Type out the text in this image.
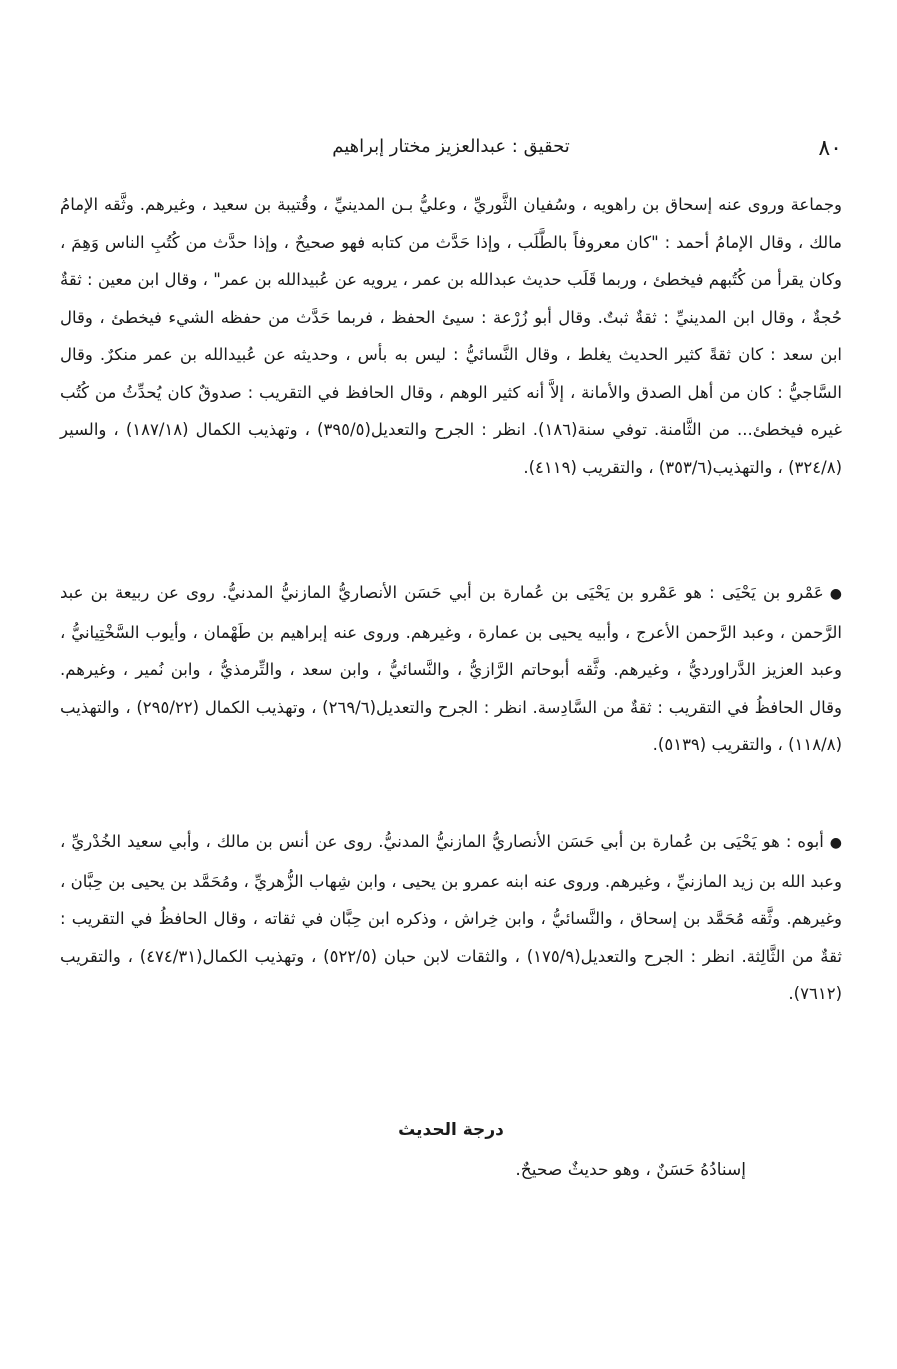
٨٠
تحقيق : عبدالعزيز مختار إبراهيم
وجماعة وروى عنه إسحاق بن راهويه ، وسُفيان الثَّوريِّ ، وعليُّ بـن المدينيِّ ، وقُتيبة بن سعيد ، وغيرهم. وثَّقه الإمامُ مالك ، وقال الإمامُ أحمد : "كان معروفاً بالطَّلَب ، وإذا حَدَّث من كتابه فهو صحيحٌ ، وإذا حدَّث من كُتُبِ الناس وَهِمَ ، وكان يقرأ من كُتُبهم فيخطئ ، وربما قَلَب حديث عبدالله بن عمر ، يرويه عن عُبيدالله بن عمر" ، وقال ابن معين : ثقةٌ حُجةٌ ، وقال ابن المدينيِّ : ثقةٌ ثبتٌ. وقال أبو زُرْعة : سيئ الحفظ ، فربما حَدَّث من حفظه الشيء فيخطئ ، وقال ابن سعد : كان ثقةً كثير الحديث يغلط ، وقال النَّسائيُّ : ليس به بأس ، وحديثه عن عُبيدالله بن عمر منكرٌ. وقال السَّاجيُّ : كان من أهل الصدق والأمانة ، إلاَّ أنه كثير الوهم ، وقال الحافظ في التقريب : صدوقٌ كان يُحدِّثُ من كُتُب غيره فيخطئ... من الثَّامنة. توفي سنة(١٨٦). انظر : الجرح والتعديل(٣٩٥/٥) ، وتهذيب الكمال (١٨٧/١٨) ، والسير (٣٢٤/٨) ، والتهذيب(٣٥٣/٦) ، والتقريب (٤١١٩).
●عَمْرو بن يَحْيَى : هو عَمْرو بن يَحْيَى بن عُمارة بن أبي حَسَن الأنصاريُّ المازنيُّ المدنيُّ. روى عن ربيعة بن عبد الرَّحمن ، وعبد الرَّحمن الأعرج ، وأبيه يحيى بن عمارة ، وغيرهم. وروى عنه إبراهيم بن طَهْمان ، وأيوب السَّخْتِيانيُّ ، وعبد العزيز الدَّراورديُّ ، وغيرهم. وثَّقه أبوحاتم الرَّازيُّ ، والنَّسائيُّ ، وابن سعد ، والتِّرمذيُّ ، وابن نُمير ، وغيرهم. وقال الحافظُ في التقريب : ثقةٌ من السَّادِسة. انظر : الجرح والتعديل(٢٦٩/٦) ، وتهذيب الكمال (٢٩٥/٢٢) ، والتهذيب (١١٨/٨) ، والتقريب (٥١٣٩).
●أبوه : هو يَحْيَى بن عُمارة بن أبي حَسَن الأنصاريُّ المازنيُّ المدنيُّ. روى عن أنس بن مالك ، وأبي سعيد الخُدْريِّ ، وعبد الله بن زيد المازنيِّ ، وغيرهم. وروى عنه ابنه عمرو بن يحيى ، وابن شِهاب الزُّهريِّ ، ومُحَمَّد بن يحيى بن حِبَّان ، وغيرهم. وثَّقه مُحَمَّد بن إسحاق ، والنَّسائيُّ ، وابن خِراش ، وذكره ابن حِبَّان في ثقاته ، وقال الحافظُ في التقريب : ثقةٌ من الثَّالِثة. انظر : الجرح والتعديل(١٧٥/٩) ، والثقات لابن حبان (٥٢٢/٥) ، وتهذيب الكمال(٤٧٤/٣١) ، والتقريب (٧٦١٢).
درجة الحديث
إسنادُهُ حَسَنٌ ، وهو حديثٌ صحيحٌ.
